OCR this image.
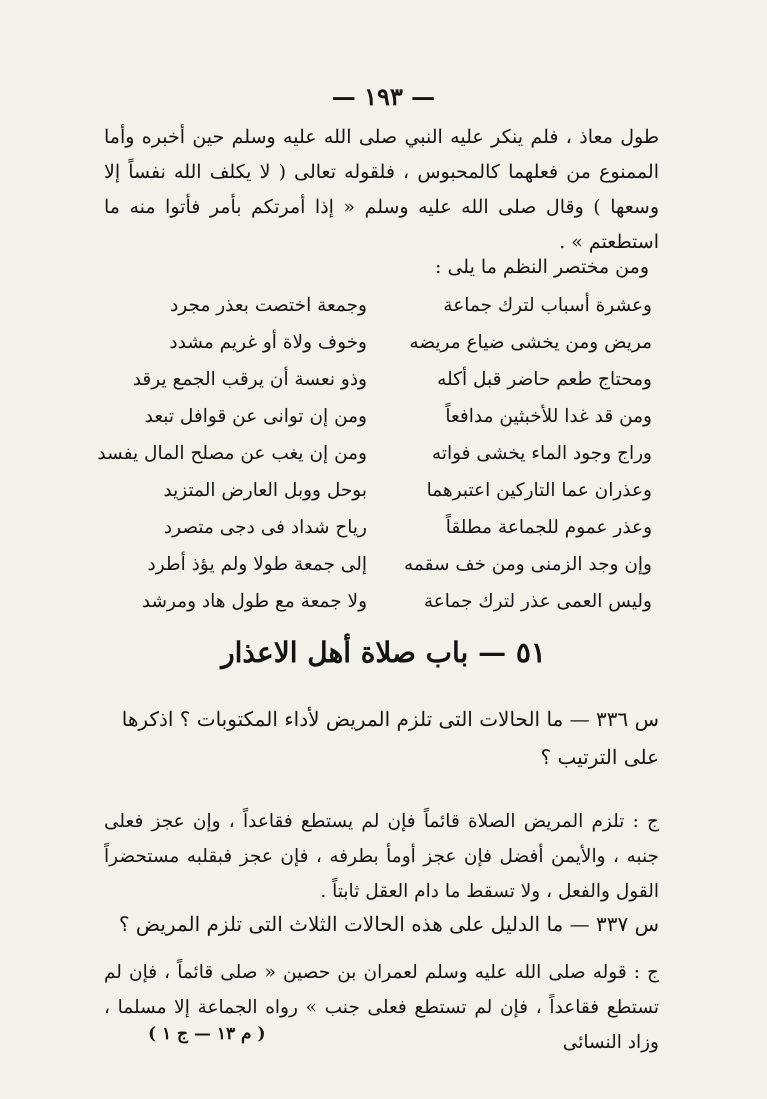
— ١٩٣ —
طول معاذ ، فلم ينكر عليه النبي صلى الله عليه وسلم حين أخبره وأما الممنوع من فعلهما كالمحبوس ، فلقوله تعالى ( لا يكلف الله نفساً إلا وسعها ) وقال صلى الله عليه وسلم « إذا أمرتكم بأمر فأتوا منه ما استطعتم » .
ومن مختصر النظم ما يلى :
وعشرة أسباب لترك جماعة
وجمعة اختصت بعذر مجرد
مريض ومن يخشى ضياع مريضه
وخوف ولاة أو غريم مشدد
ومحتاج طعم حاضر قبل أكله
وذو نعسة أن يرقب الجمع يرقد
ومن قد غدا للأخبثين مدافعاً
ومن إن توانى عن قوافل تبعد
وراج وجود الماء يخشى فواته
ومن إن يغب عن مصلح المال يفسد
وعذران عما التاركين اعتبرهما
بوحل ووبل العارض المتزيد
وعذر عموم للجماعة مطلقاً
رياح شداد فى دجى متصرد
وإن وجد الزمنى ومن خف سقمه
إلى جمعة طولا ولم يؤذ أطرد
وليس العمى عذر لترك جماعة
ولا جمعة مع طول هاد ومرشد
٥١ — باب صلاة أهل الاعذار
س ٣٣٦ — ما الحالات التى تلزم المريض لأداء المكتوبات ؟ اذكرها على الترتيب ؟
ج : تلزم المريض الصلاة قائماً فإن لم يستطع فقاعداً ، وإن عجز فعلى جنبه ، والأيمن أفضل فإن عجز أومأ بطرفه ، فإن عجز فبقلبه مستحضراً القول والفعل ، ولا تسقط ما دام العقل ثابتاً .
س ٣٣٧ — ما الدليل على هذه الحالات الثلاث التى تلزم المريض ؟
ج : قوله صلى الله عليه وسلم لعمران بن حصين « صلى قائماً ، فإن لم تستطع فقاعداً ، فإن لم تستطع فعلى جنب » رواه الجماعة إلا مسلما ، وزاد النسائى
( م ١٣ — ج ١ )
